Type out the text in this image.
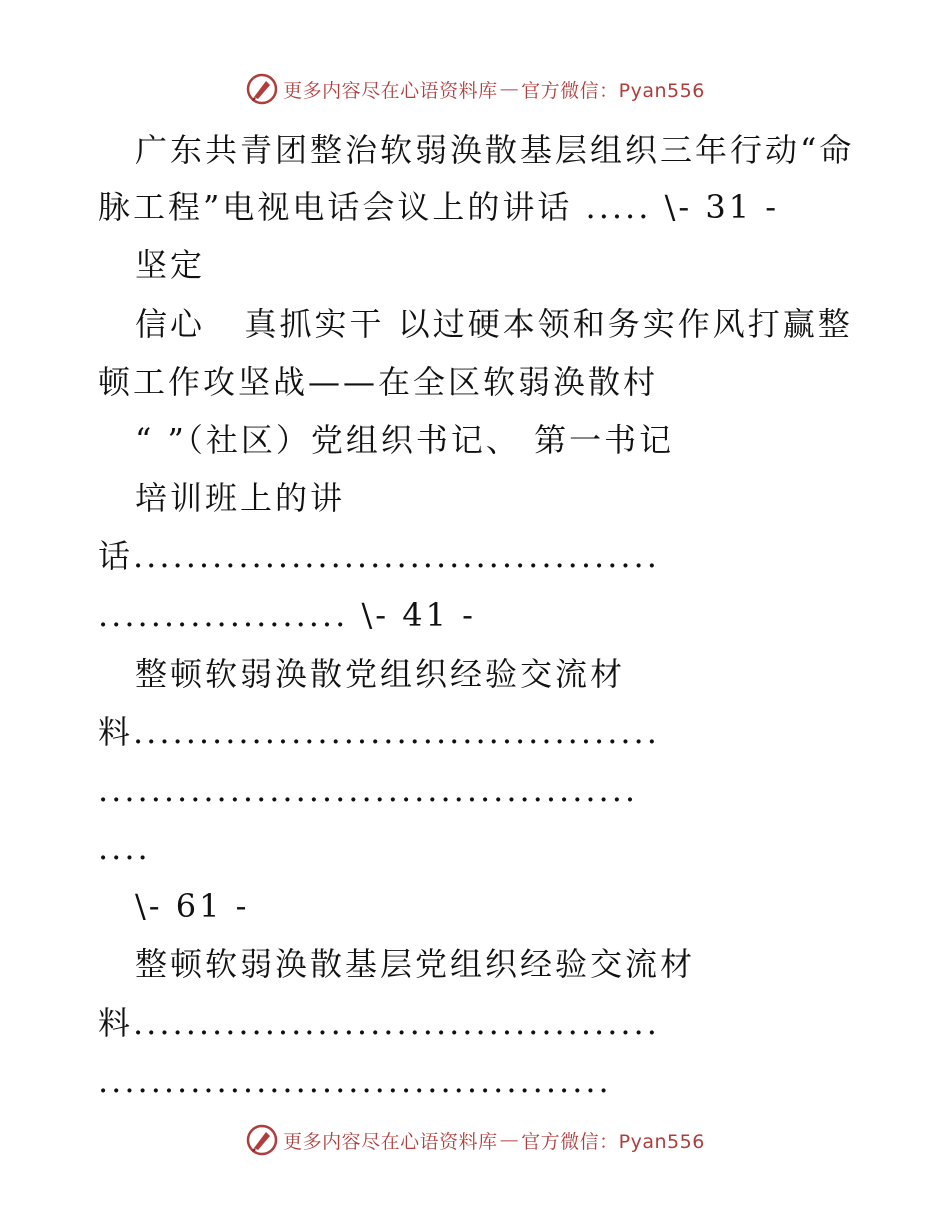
更多内容尽在心语资料库 — 官方微信：Pyan556
广东共青团整治软弱涣散基层组织三年行动“命
脉工程”电视电话会议上的讲话 ..... \- 31 -
坚定
信心   真抓实干 以过硬本领和务实作风打赢整
顿工作攻坚战——在全区软弱涣散村
“ ”（社区）党组织书记、 第一书记
培训班上的讲
话........................................
................... \- 41 -
整顿软弱涣散党组织经验交流材
料........................................
.........................................
....
\- 61 -
整顿软弱涣散基层党组织经验交流材
料........................................
.......................................
更多内容尽在心语资料库 — 官方微信：Pyan556
